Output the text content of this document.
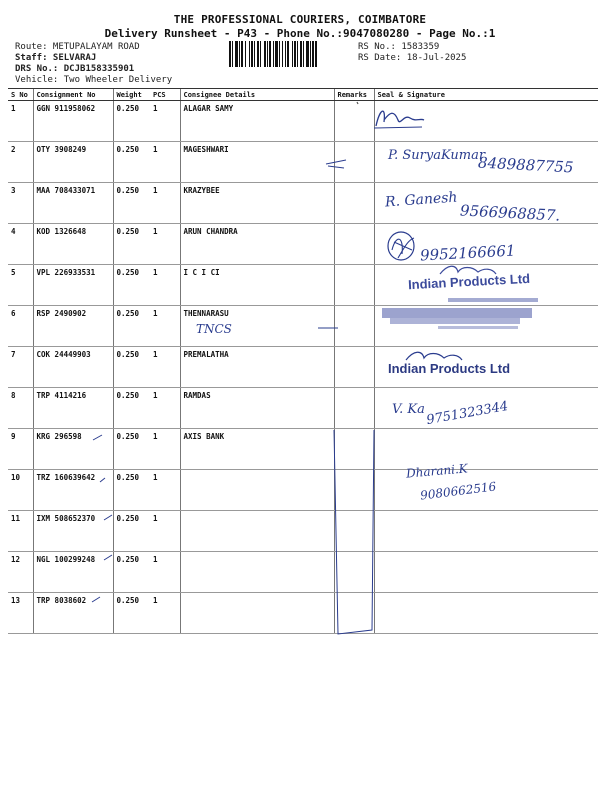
THE PROFESSIONAL COURIERS, COIMBATORE
Delivery Runsheet - P43 - Phone No.:9047080280 - Page No.:1
Route: METUPALAYAM ROAD
Staff: SELVARAJ
DRS No.: DCJB158335901
Vehicle: Two Wheeler Delivery
RS No.: 1583359
RS Date: 18-Jul-2025
S No	Consignment No	Weight	PCS	Consignee Details	Remarks	Seal & Signature
1	GGN 911958062	0.250	1	ALAGAR SAMY		
2	OTY 3908249	0.250	1	MAGESHWARI		
3	MAA 708433071	0.250	1	KRAZYBEE		
4	KOD 1326648	0.250	1	ARUN CHANDRA		
5	VPL 226933531	0.250	1	I C I CI		
6	RSP 2490902	0.250	1	THENNARASU		
7	COK 24449903	0.250	1	PREMALATHA		
8	TRP 4114216	0.250	1	RAMDAS		
9	KRG 296598	0.250	1	AXIS BANK		
10	TRZ 160639642	0.250	1			
11	IXM 508652370	0.250	1			
12	NGL 100299248	0.250	1			
13	TRP 8038602	0.250	1			
P. SuryaKumar
8489887755
R. Ganesh
9566968857.
9952166661
Indian Products Ltd
TNCS
Indian Products Ltd
V. Ka 9751323344
Dharani.K
9080662516
